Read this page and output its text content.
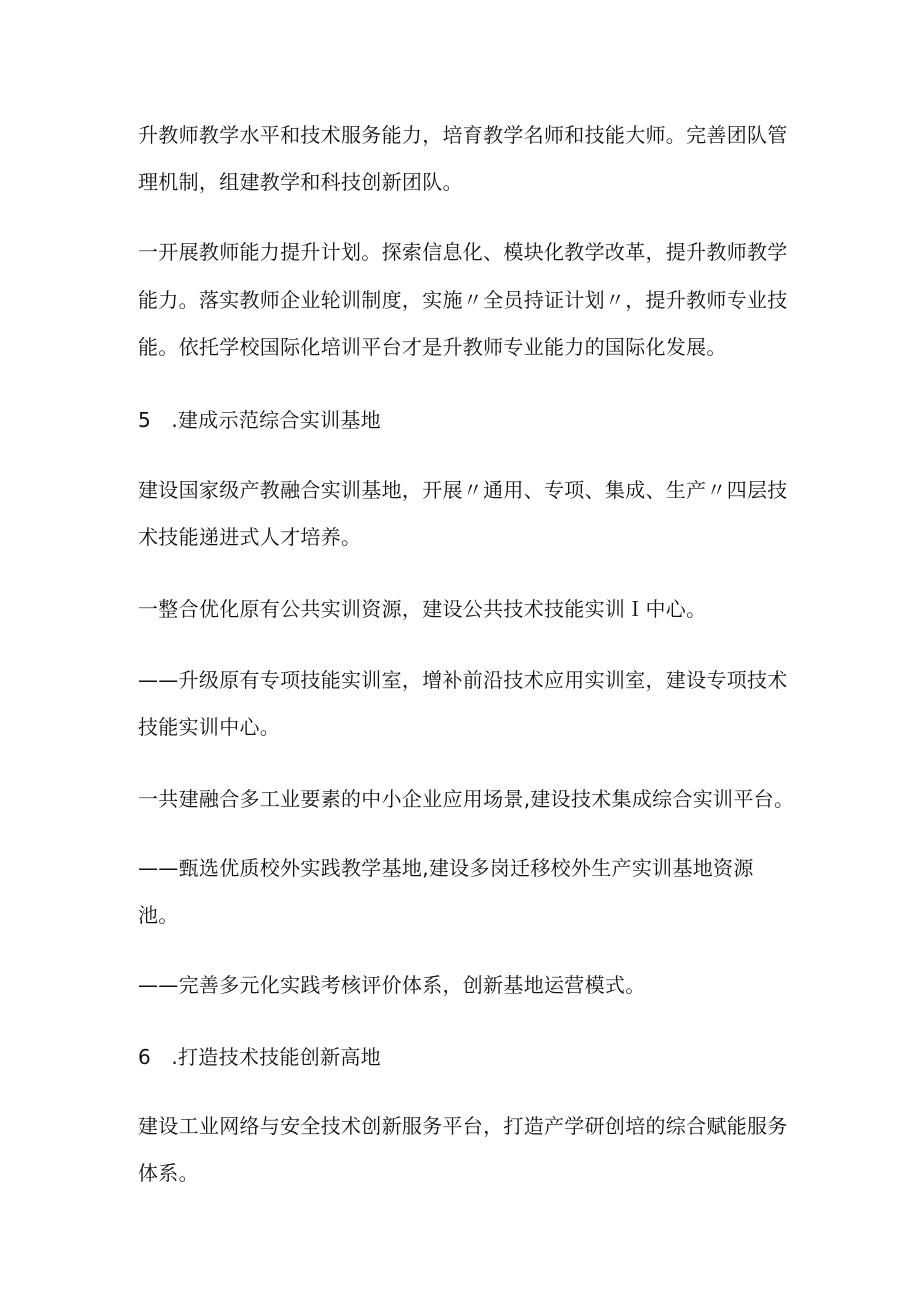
升教师教学水平和技术服务能力，培育教学名师和技能大师。完善团队管
理机制，组建教学和科技创新团队。
一开展教师能力提升计划。探索信息化、模块化教学改革，提升教师教学
能力。落实教师企业轮训制度，实施〃全员持证计划〃，提升教师专业技
能。依托学校国际化培训平台才是升教师专业能力的国际化发展。
5　.建成示范综合实训基地
建设国家级产教融合实训基地，开展〃通用、专项、集成、生产〃四层技
术技能递进式人才培养。
一整合优化原有公共实训资源，建设公共技术技能实训Ｉ中心。
——升级原有专项技能实训室，增补前沿技术应用实训室，建设专项技术
技能实训中心。
一共建融合多工业要素的中小企业应用场景,建设技术集成综合实训平台。
——甄选优质校外实践教学基地,建设多岗迁移校外生产实训基地资源
池。
——完善多元化实践考核评价体系，创新基地运营模式。
6　.打造技术技能创新高地
建设工业网络与安全技术创新服务平台，打造产学研创培的综合赋能服务
体系。
